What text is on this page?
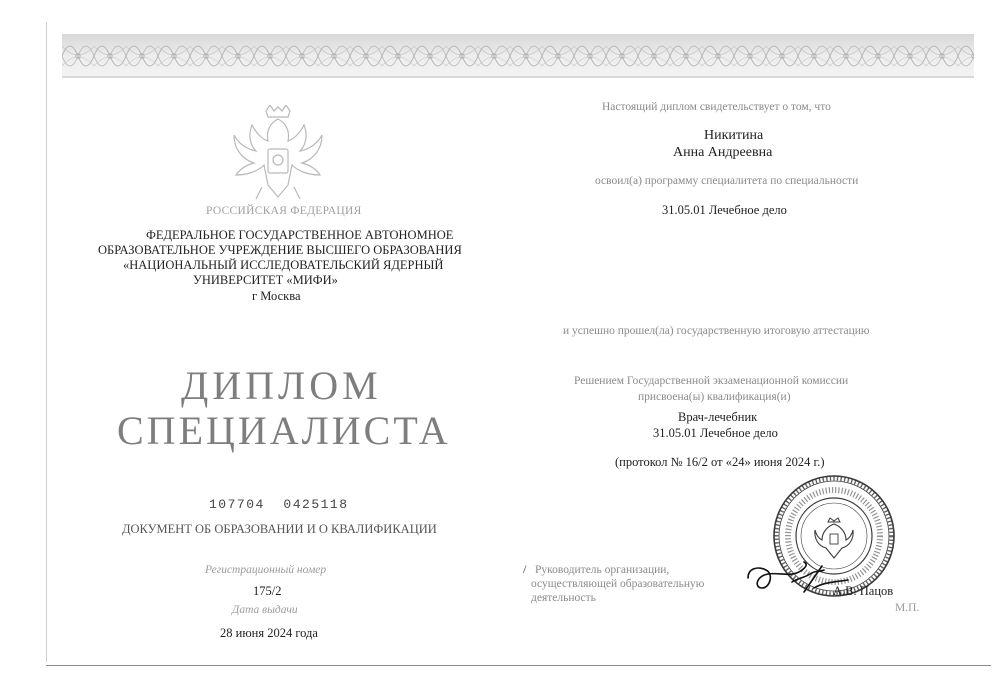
РОССИЙСКАЯ ФЕДЕРАЦИЯ
ФЕДЕРАЛЬНОЕ ГОСУДАРСТВЕННОЕ АВТОНОМНОЕ
ОБРАЗОВАТЕЛЬНОЕ УЧРЕЖДЕНИЕ ВЫСШЕГО ОБРАЗОВАНИЯ
«НАЦИОНАЛЬНЫЙ ИССЛЕДОВАТЕЛЬСКИЙ ЯДЕРНЫЙ
УНИВЕРСИТЕТ «МИФИ»
г Москва
ДИПЛОМ
СПЕЦИАЛИСТА
107704  0425118
ДОКУМЕНТ ОБ ОБРАЗОВАНИИ И О КВАЛИФИКАЦИИ
Регистрационный номер
175/2
Дата выдачи
28 июня 2024 года
Настоящий диплом свидетельствует о том, что
Никитина
Анна Андреевна
освоил(а) программу специалитета по специальности
31.05.01 Лечебное дело
и успешно прошел(ла) государственную итоговую аттестацию
Решением Государственной экзаменационной комиссии
присвоена(ы) квалификация(и)
Врач-лечебник
31.05.01 Лечебное дело
(протокол № 16/2 от «24» июня 2024 г.)
/ Руководитель организации,
осуществляющей образовательную
деятельность	А.В. Пацов
М.П.
